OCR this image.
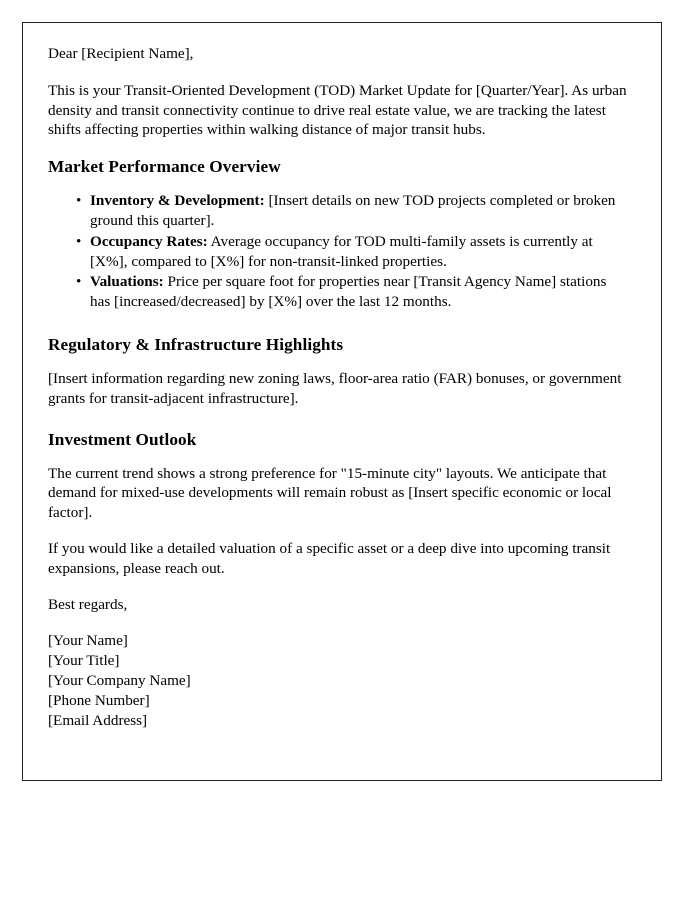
Dear [Recipient Name],

This is your Transit-Oriented Development (TOD) Market Update for [Quarter/Year]. As urban density and transit connectivity continue to drive real estate value, we are tracking the latest shifts affecting properties within walking distance of major transit hubs.

Market Performance Overview
• Inventory & Development: [Insert details on new TOD projects completed or broken ground this quarter].
• Occupancy Rates: Average occupancy for TOD multi-family assets is currently at [X%], compared to [X%] for non-transit-linked properties.
• Valuations: Price per square foot for properties near [Transit Agency Name] stations has [increased/decreased] by [X%] over the last 12 months.
Regulatory & Infrastructure Highlights

[Insert information regarding new zoning laws, floor-area ratio (FAR) bonuses, or government grants for transit-adjacent infrastructure].

Investment Outlook

The current trend shows a strong preference for "15-minute city" layouts. We anticipate that demand for mixed-use developments will remain robust as [Insert specific economic or local factor].

If you would like a detailed valuation of a specific asset or a deep dive into upcoming transit expansions, please reach out.

Best regards,

[Your Name]
[Your Title]
[Your Company Name]
[Phone Number]
[Email Address]
